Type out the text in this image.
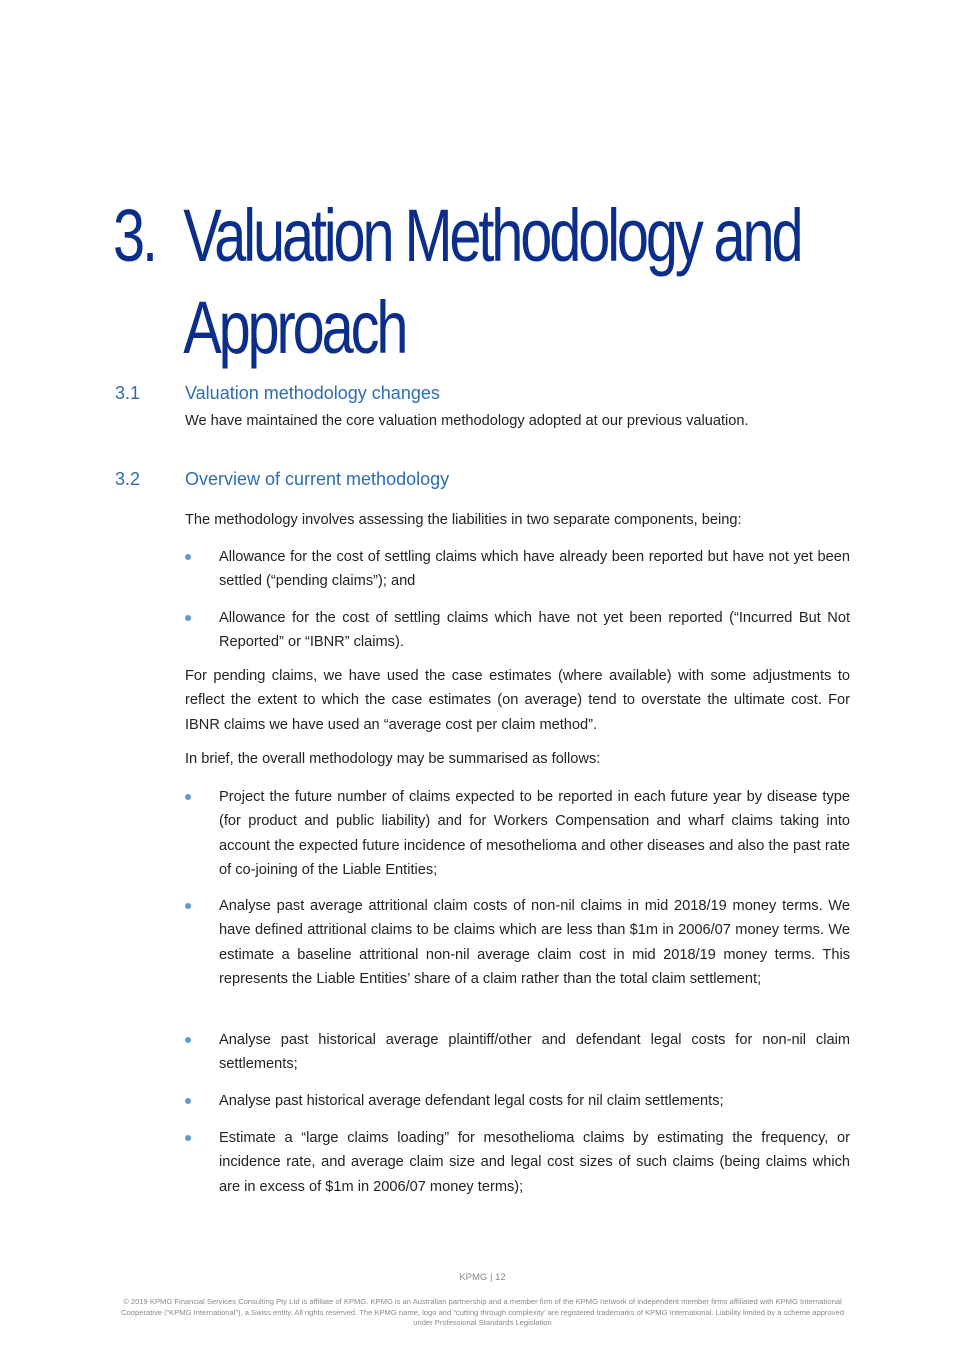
3. Valuation Methodology and
Approach
3.1 Valuation methodology changes

We have maintained the core valuation methodology adopted at our previous valuation.

3.2 Overview of current methodology

The methodology involves assessing the liabilities in two separate components, being:

Allowance for the cost of settling claims which have already been reported but have not yet been settled (“pending claims”); and
Allowance for the cost of settling claims which have not yet been reported (“Incurred But Not Reported” or “IBNR” claims).

For pending claims, we have used the case estimates (where available) with some adjustments to reflect the extent to which the case estimates (on average) tend to overstate the ultimate cost. For IBNR claims we have used an “average cost per claim method”.

In brief, the overall methodology may be summarised as follows:

Project the future number of claims expected to be reported in each future year by disease type (for product and public liability) and for Workers Compensation and wharf claims taking into account the expected future incidence of mesothelioma and other diseases and also the past rate of co-joining of the Liable Entities;
Analyse past average attritional claim costs of non-nil claims in mid 2018/19 money terms. We have defined attritional claims to be claims which are less than $1m in 2006/07 money terms. We estimate a baseline attritional non-nil average claim cost in mid 2018/19 money terms. This represents the Liable Entities’ share of a claim rather than the total claim settlement;
Analyse past historical average plaintiff/other and defendant legal costs for non-nil claim settlements;
Analyse past historical average defendant legal costs for nil claim settlements;
Estimate a “large claims loading” for mesothelioma claims by estimating the frequency, or incidence rate, and average claim size and legal cost sizes of such claims (being claims which are in excess of $1m in 2006/07 money terms);
KPMG | 12
© 2019 KPMG Financial Services Consulting Pty Ltd is affiliate of KPMG. KPMG is an Australian partnership and a member firm of the KPMG network of independent member firms affiliated with KPMG International Cooperative (“KPMG International”), a Swiss entity. All rights reserved. The KPMG name, logo and “cutting through complexity’ are registered trademarks of KPMG International. Liability limited by a scheme approved under Professional Standards Legislation
